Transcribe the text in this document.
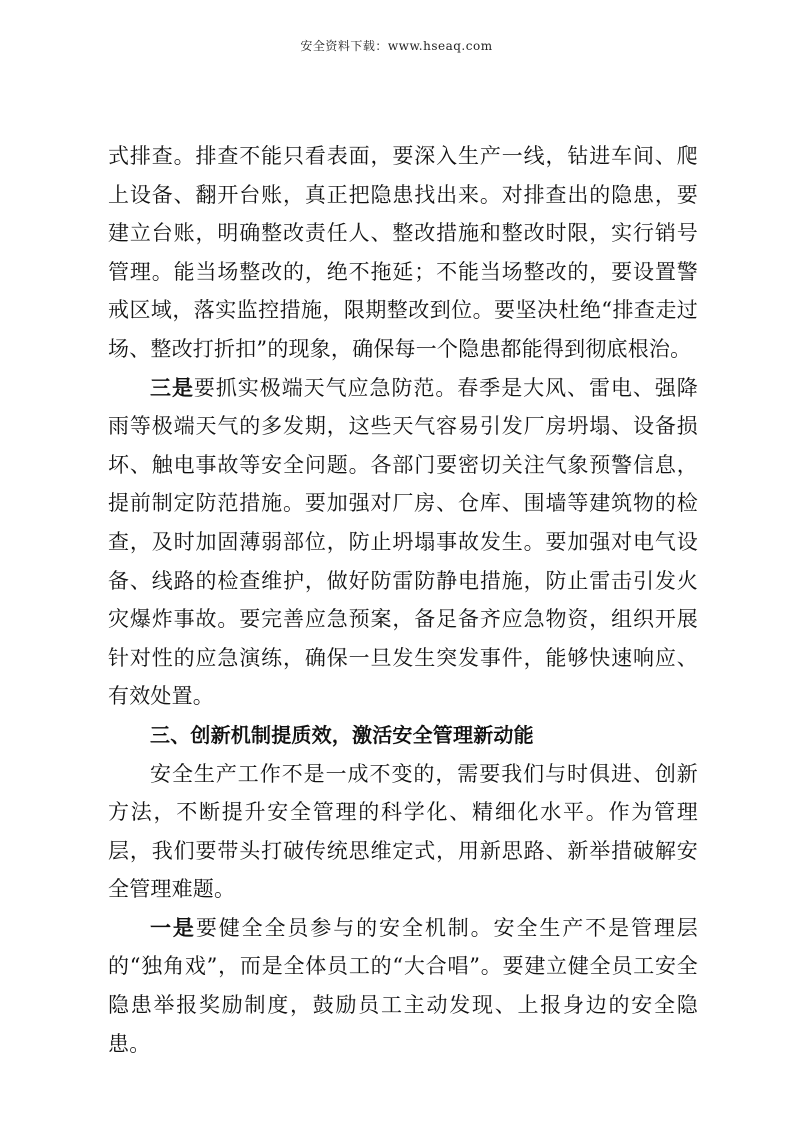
安全资料下载：www.hseaq.com

式排查。排查不能只看表面，要深入生产一线，钻进车间、爬上设备、翻开台账，真正把隐患找出来。对排查出的隐患，要建立台账，明确整改责任人、整改措施和整改时限，实行销号管理。能当场整改的，绝不拖延；不能当场整改的，要设置警戒区域，落实监控措施，限期整改到位。要坚决杜绝“排查走过场、整改打折扣”的现象，确保每一个隐患都能得到彻底根治。

三是要抓实极端天气应急防范。春季是大风、雷电、强降雨等极端天气的多发期，这些天气容易引发厂房坍塌、设备损坏、触电事故等安全问题。各部门要密切关注气象预警信息，提前制定防范措施。要加强对厂房、仓库、围墙等建筑物的检查，及时加固薄弱部位，防止坍塌事故发生。要加强对电气设备、线路的检查维护，做好防雷防静电措施，防止雷击引发火灾爆炸事故。要完善应急预案，备足备齐应急物资，组织开展针对性的应急演练，确保一旦发生突发事件，能够快速响应、有效处置。

三、创新机制提质效，激活安全管理新动能

安全生产工作不是一成不变的，需要我们与时俱进、创新方法，不断提升安全管理的科学化、精细化水平。作为管理层，我们要带头打破传统思维定式，用新思路、新举措破解安全管理难题。

一是要健全全员参与的安全机制。安全生产不是管理层的“独角戏”，而是全体员工的“大合唱”。要建立健全员工安全隐患举报奖励制度，鼓励员工主动发现、上报身边的安全隐患。
